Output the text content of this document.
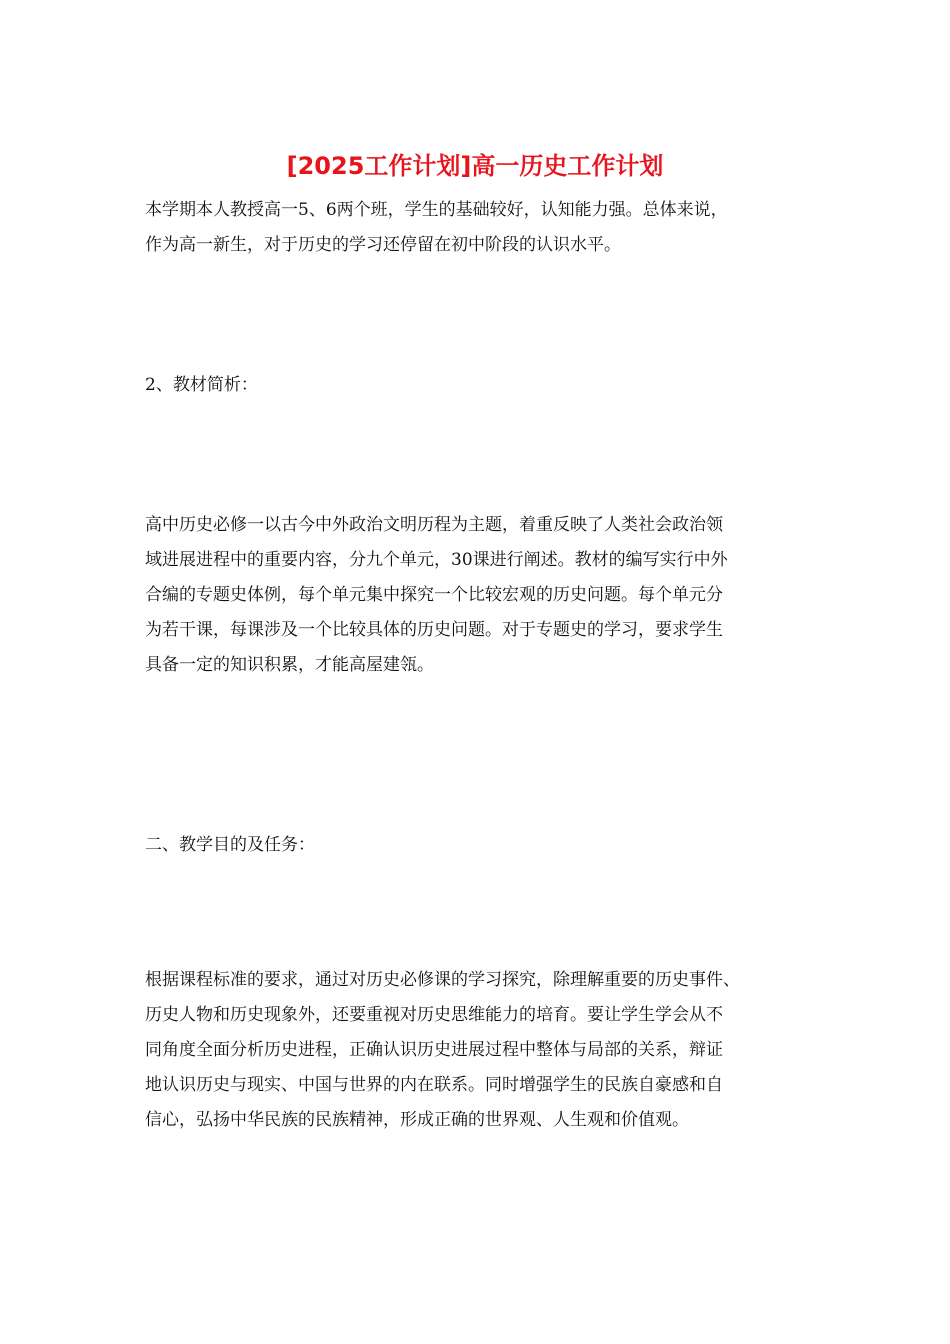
[2025工作计划]高一历史工作计划

本学期本人教授高一5、6两个班，学生的基础较好，认知能力强。总体来说，

作为高一新生，对于历史的学习还停留在初中阶段的认识水平。

2、教材简析：

高中历史必修一以古今中外政治文明历程为主题，着重反映了人类社会政治领

域进展进程中的重要内容，分九个单元，30课进行阐述。教材的编写实行中外

合编的专题史体例，每个单元集中探究一个比较宏观的历史问题。每个单元分

为若干课，每课涉及一个比较具体的历史问题。对于专题史的学习，要求学生

具备一定的知识积累，才能高屋建瓴。

二、教学目的及任务：

根据课程标准的要求，通过对历史必修课的学习探究，除理解重要的历史事件、

历史人物和历史现象外，还要重视对历史思维能力的培育。要让学生学会从不

同角度全面分析历史进程，正确认识历史进展过程中整体与局部的关系，辩证

地认识历史与现实、中国与世界的内在联系。同时增强学生的民族自豪感和自

信心，弘扬中华民族的民族精神，形成正确的世界观、人生观和价值观。
